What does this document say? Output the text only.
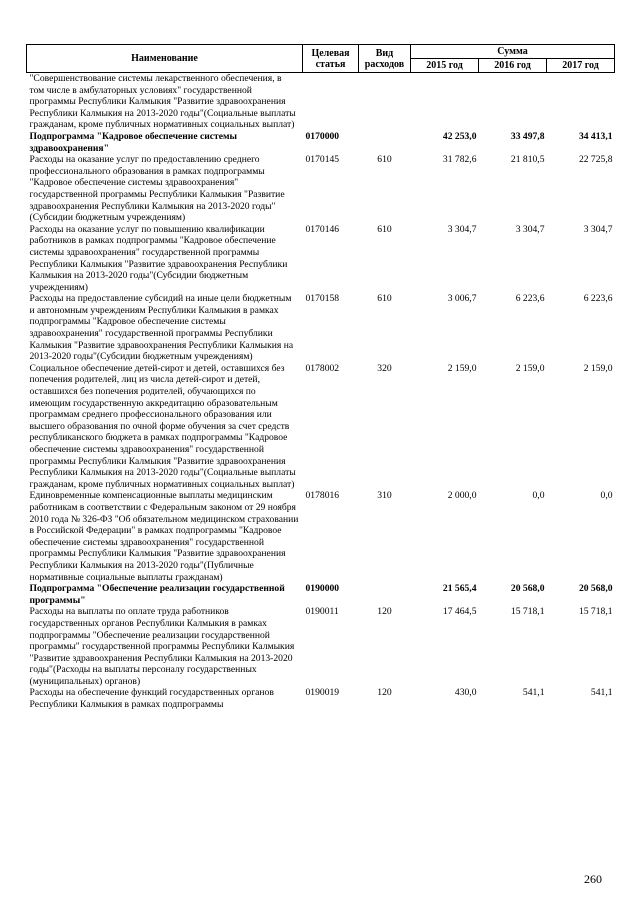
Наименование	Целевая статья	Вид расходов	Сумма		
			2015 год	2016 год	2017 год
"Совершенствование системы лекарственного обеспечения, в том числе в амбулаторных условиях" государственной программы Республики Калмыкия "Развитие здравоохранения Республики Калмыкия на 2013-2020 годы"(Социальные выплаты гражданам, кроме публичных нормативных социальных выплат)					
Подпрограмма "Кадровое обеспечение системы здравоохранения"	0170000		42 253,0	33 497,8	34 413,1
Расходы на оказание услуг по предоставлению среднего профессионального образования в рамках подпрограммы "Кадровое обеспечение системы здравоохранения" государственной программы Республики Калмыкия "Развитие здравоохранения Республики Калмыкия на 2013-2020 годы"(Субсидии бюджетным учреждениям)	0170145	610	31 782,6	21 810,5	22 725,8
Расходы на оказание услуг по повышению квалификации работников в рамках подпрограммы "Кадровое обеспечение системы здравоохранения" государственной программы Республики Калмыкия "Развитие здравоохранения Республики Калмыкия на 2013-2020 годы"(Субсидии бюджетным учреждениям)	0170146	610	3 304,7	3 304,7	3 304,7
Расходы на предоставление субсидий на иные цели бюджетным и автономным учреждениям Республики Калмыкия в рамках подпрограммы "Кадровое обеспечение системы здравоохранения" государственной программы Республики Калмыкия "Развитие здравоохранения Республики Калмыкия на 2013-2020 годы"(Субсидии бюджетным учреждениям)	0170158	610	3 006,7	6 223,6	6 223,6
Социальное обеспечение детей-сирот и детей, оставшихся без попечения родителей, лиц из числа детей-сирот и детей, оставшихся без попечения родителей, обучающихся по имеющим государственную аккредитацию образовательным программам среднего профессионального образования или высшего образования по очной форме обучения за счет средств республиканского бюджета в рамках подпрограммы "Кадровое обеспечение системы здравоохранения" государственной программы Республики Калмыкия "Развитие здравоохранения Республики Калмыкия на 2013-2020 годы"(Социальные выплаты гражданам, кроме публичных нормативных социальных выплат)	0178002	320	2 159,0	2 159,0	2 159,0
Единовременные компенсационные выплаты медицинским работникам в соответствии с Федеральным законом от 29 ноября 2010 года № 326-ФЗ "Об обязательном медицинском страховании в Российской Федерации" в рамках подпрограммы "Кадровое обеспечение системы здравоохранения" государственной программы Республики Калмыкия "Развитие здравоохранения Республики Калмыкия на 2013-2020 годы"(Публичные нормативные социальные выплаты гражданам)	0178016	310	2 000,0	0,0	0,0
Подпрограмма "Обеспечение реализации государственной программы"	0190000		21 565,4	20 568,0	20 568,0
Расходы на выплаты по оплате труда работников государственных органов Республики Калмыкия в рамках подпрограммы "Обеспечение реализации государственной программы" государственной программы Республики Калмыкия "Развитие здравоохранения Республики Калмыкия на 2013-2020 годы"(Расходы на выплаты персоналу государственных (муниципальных) органов)	0190011	120	17 464,5	15 718,1	15 718,1
Расходы на обеспечение функций государственных органов Республики Калмыкия в рамках подпрограммы	0190019	120	430,0	541,1	541,1
260
